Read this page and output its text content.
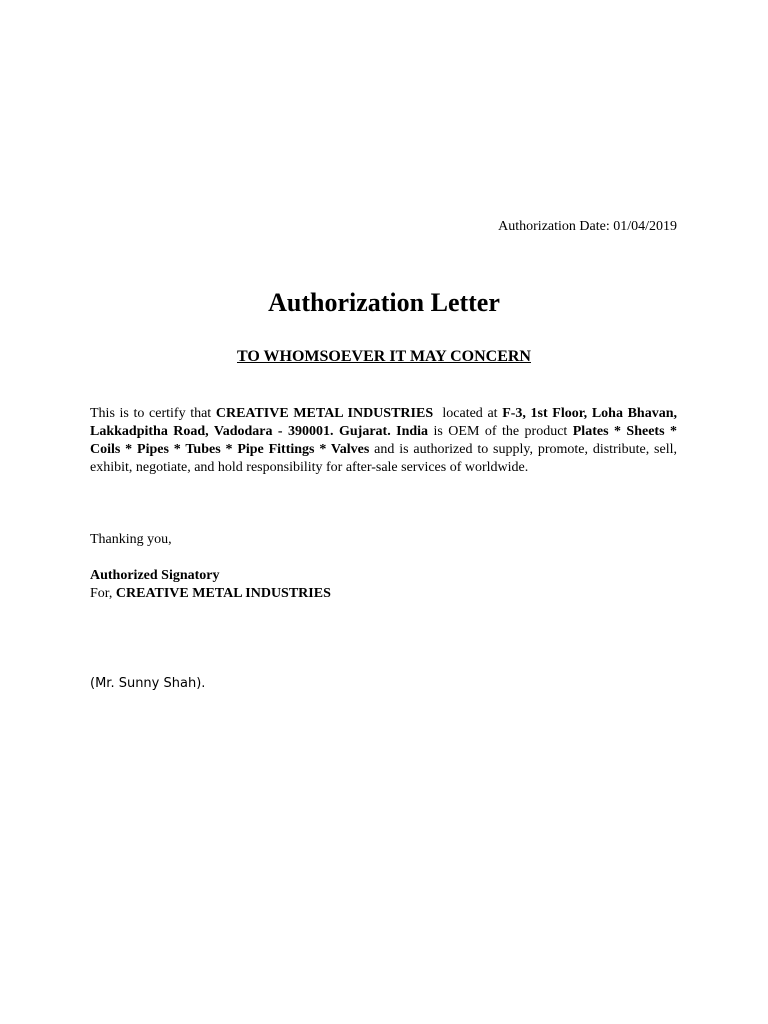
Authorization Date: 01/04/2019
Authorization Letter
TO WHOMSOEVER IT MAY CONCERN

This is to certify that CREATIVE METAL INDUSTRIES located at F-3, 1st Floor, Loha Bhavan, Lakkadpitha Road, Vadodara - 390001. Gujarat. India is OEM of the product Plates * Sheets * Coils * Pipes * Tubes * Pipe Fittings * Valves and is authorized to supply, promote, distribute, sell, exhibit, negotiate, and hold responsibility for after-sale services of worldwide.

Thanking you,
Authorized Signatory
For, CREATIVE METAL INDUSTRIES
(Mr. Sunny Shah).
